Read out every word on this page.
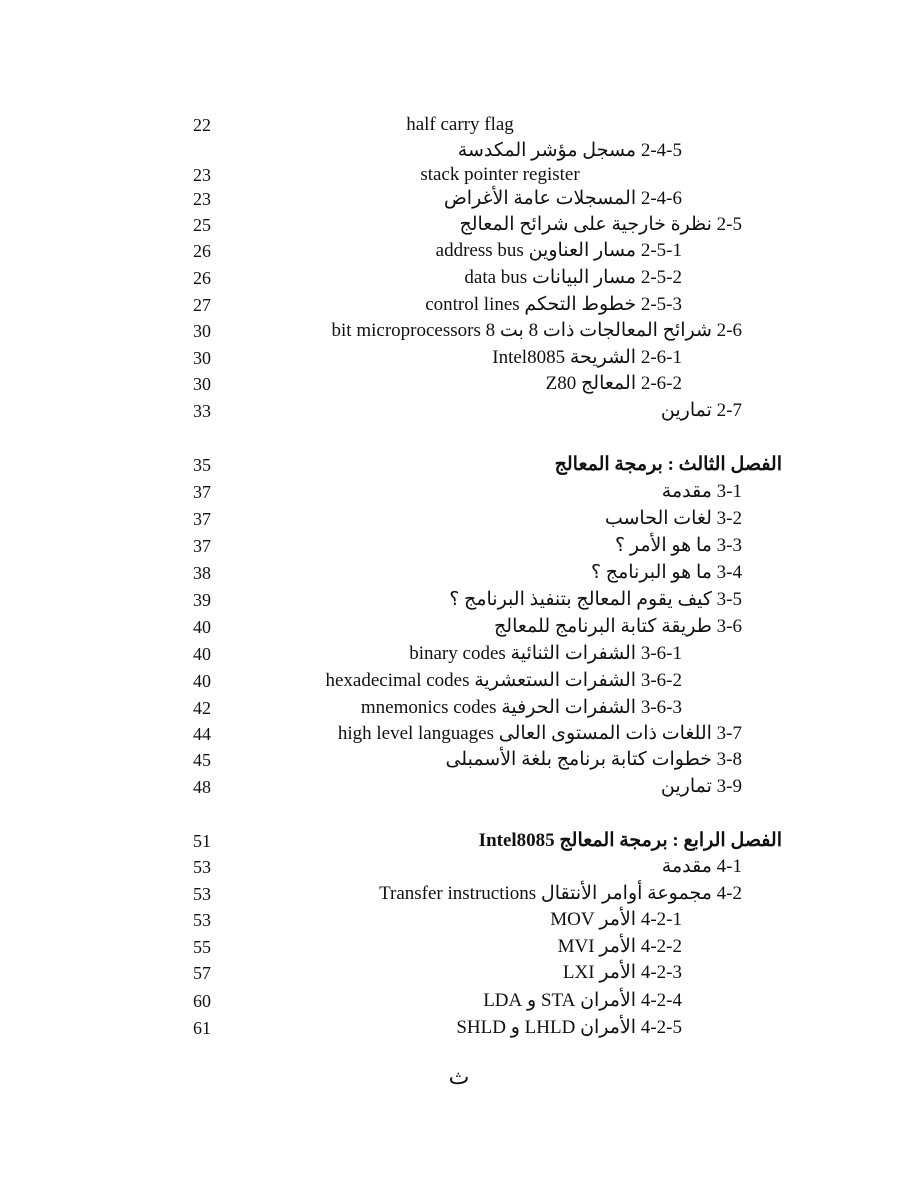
22	half carry flag
2-4-5 مسجل مؤشر المكدسة
23	stack pointer register
23	2-4-6 المسجلات عامة الأغراض
25	2-5 نظرة خارجية على شرائح المعالج
26	2-5-1 مسار العناوين address bus
26	2-5-2 مسار البيانات data bus
27	2-5-3 خطوط التحكم control lines
30	2-6 شرائح المعالجات ذات 8 بت 8 bit microprocessors
30	2-6-1 الشريحة Intel8085
30	2-6-2 المعالج Z80
33	2-7 تمارين
35	الفصل الثالث : برمجة المعالج
37	3-1 مقدمة
37	3-2 لغات الحاسب
37	3-3 ما هو الأمر ؟
38	3-4 ما هو البرنامج ؟
39	3-5 كيف يقوم المعالج بتنفيذ البرنامج ؟
40	3-6 طريقة كتابة البرنامج للمعالج
40	3-6-1 الشفرات الثنائية binary codes
40	3-6-2 الشفرات الستعشرية hexadecimal codes
42	3-6-3 الشفرات الحرفية mnemonics codes
44	3-7 اللغات ذات المستوى العالى high level languages
45	3-8 خطوات كتابة برنامج بلغة الأسمبلى
48	3-9 تمارين
51	الفصل الرابع : برمجة المعالج Intel8085
53	4-1 مقدمة
53	4-2 مجموعة أوامر الأنتقال Transfer instructions
53	4-2-1 الأمر MOV
55	4-2-2 الأمر MVI
57	4-2-3 الأمر LXI
60	4-2-4 الأمران STA و LDA
61	4-2-5 الأمران LHLD و SHLD
ث
